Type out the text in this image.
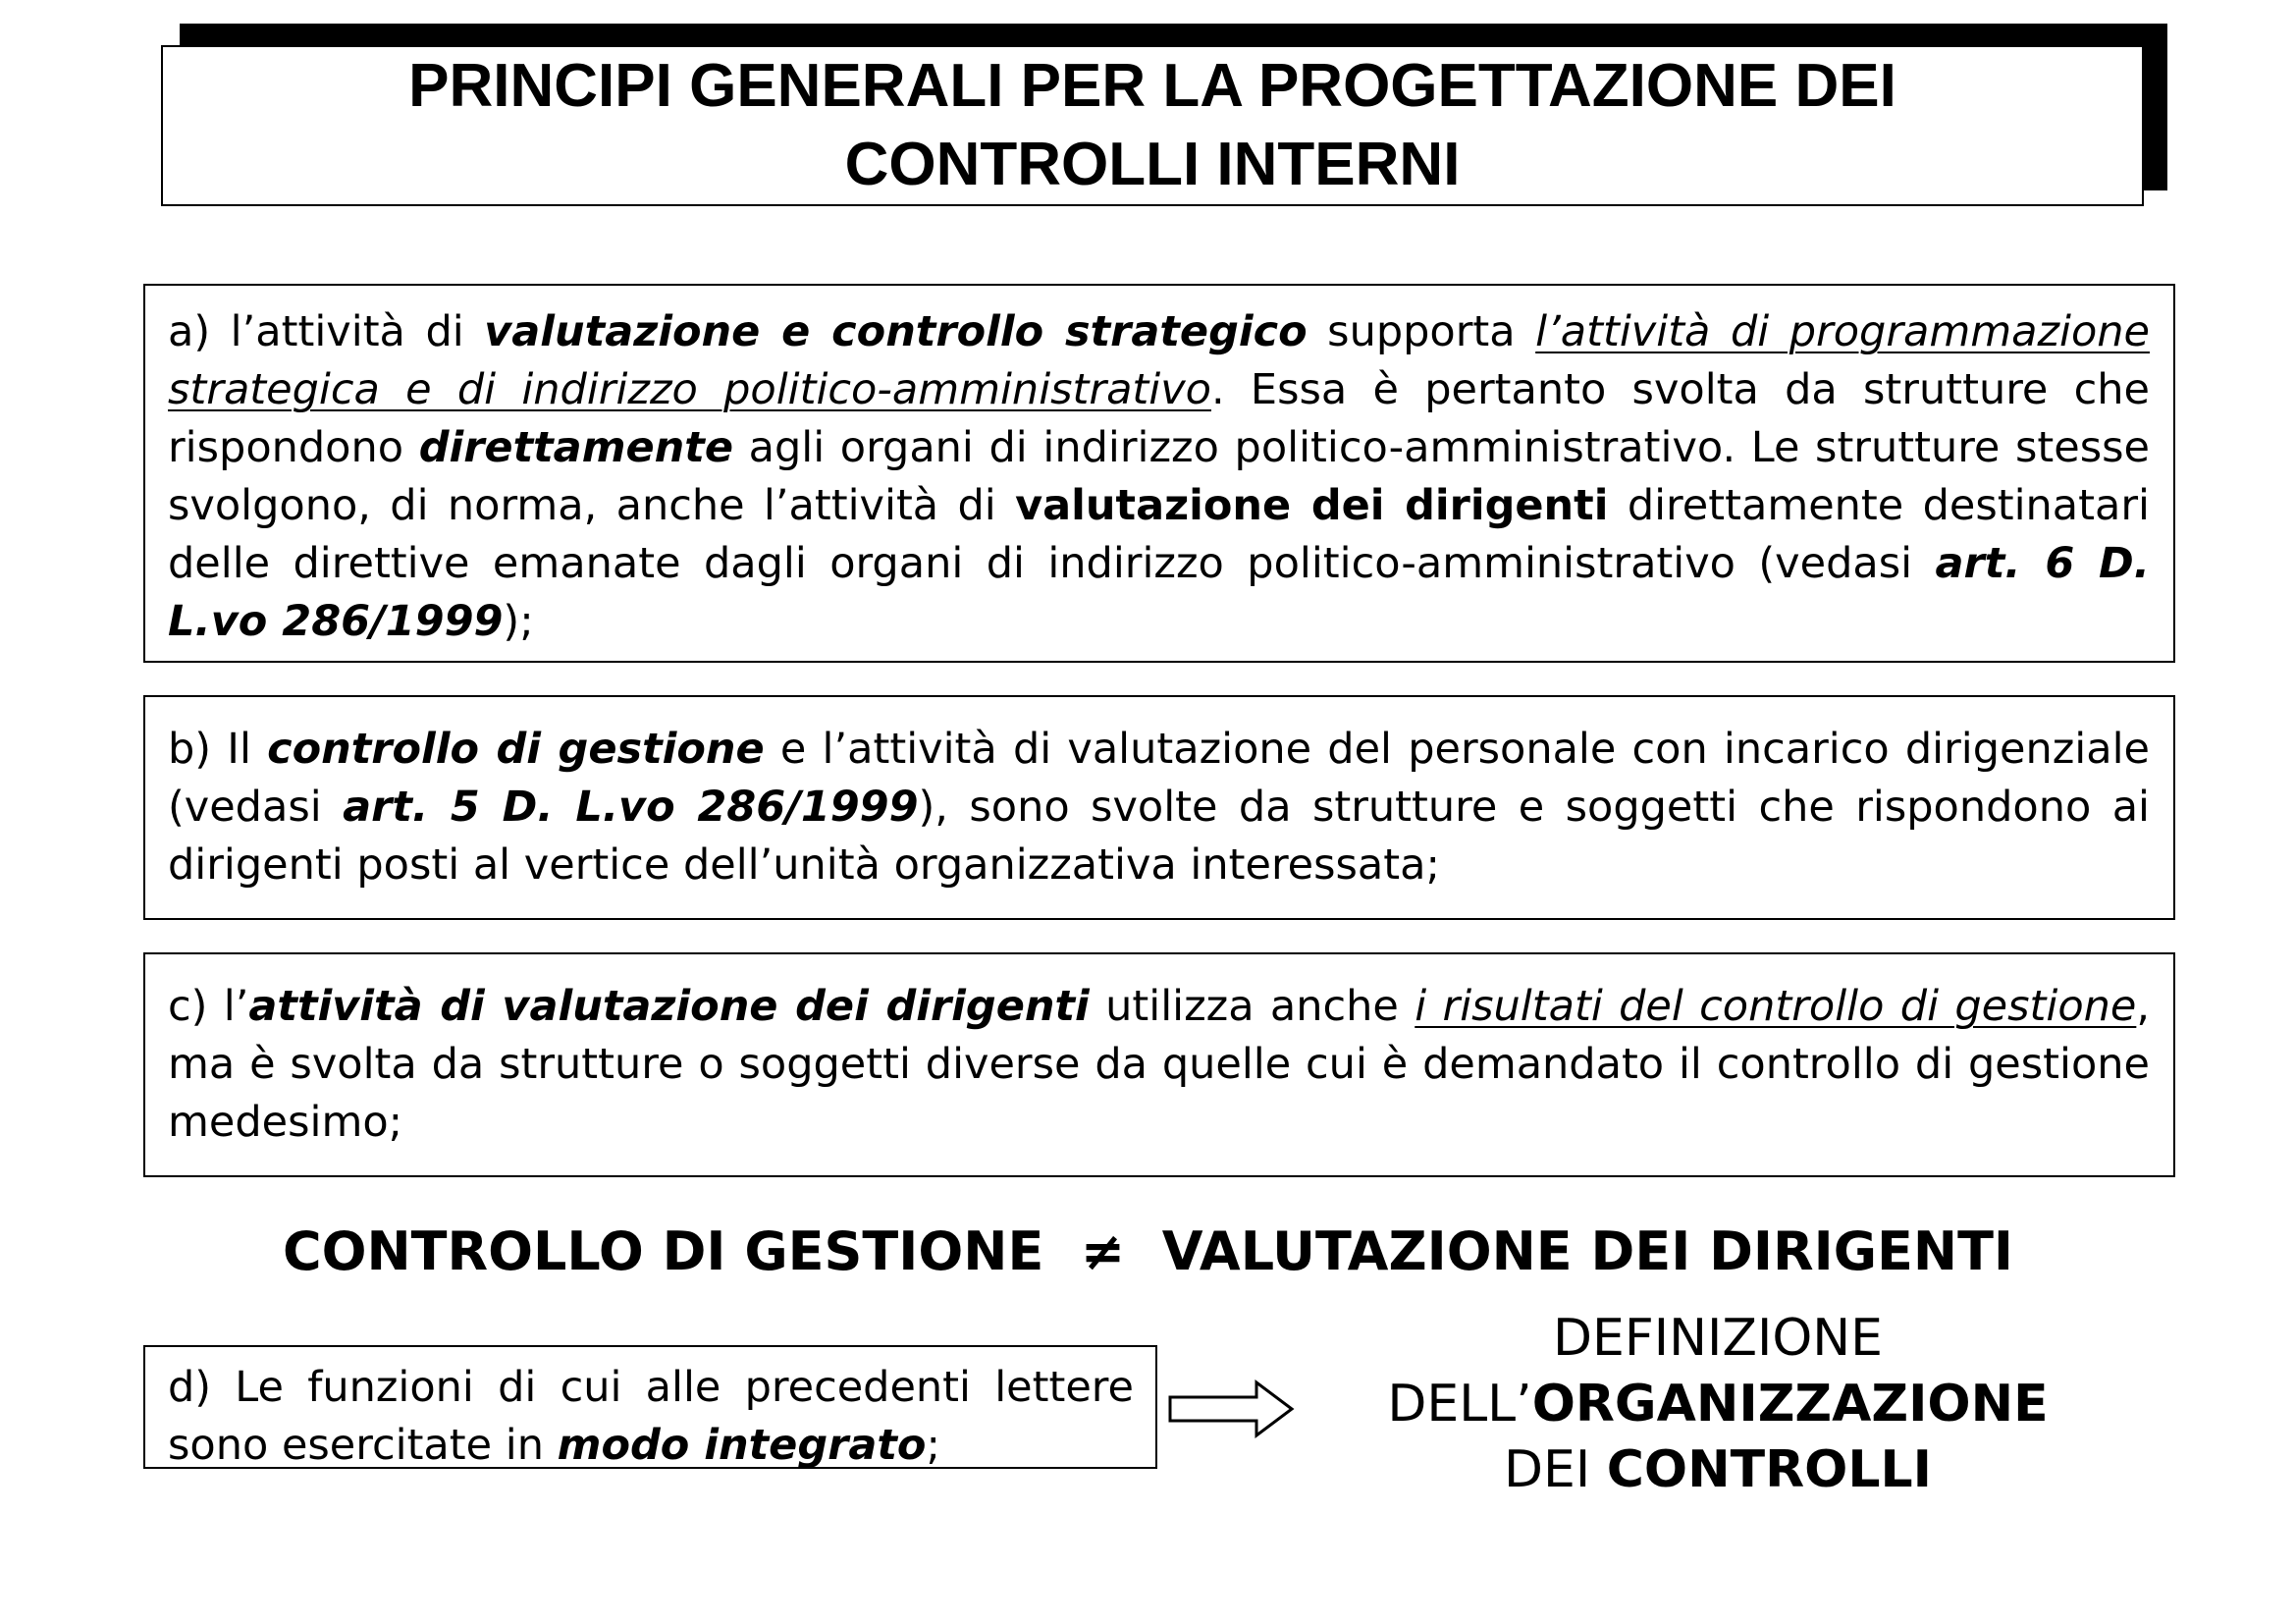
PRINCIPI GENERALI PER LA PROGETTAZIONE DEI
CONTROLLI INTERNI

a) l’attività di valutazione e controllo strategico supporta l’attività di programmazione strategica e di indirizzo politico-amministrativo. Essa è pertanto svolta da strutture che rispondono direttamente agli organi di indirizzo politico-amministrativo. Le strutture stesse svolgono, di norma, anche l’attività di valutazione dei dirigenti direttamente destinatari delle direttive emanate dagli organi di indirizzo politico-amministrativo (vedasi art. 6 D. L.vo 286/1999);

b) Il controllo di gestione e l’attività di valutazione del personale con incarico dirigenziale (vedasi art. 5 D. L.vo 286/1999), sono svolte da strutture e soggetti che rispondono ai dirigenti posti al vertice dell’unità organizzativa interessata;

c) l’attività di valutazione dei dirigenti utilizza anche i risultati del controllo di gestione, ma è svolta da strutture o soggetti diverse da quelle cui è demandato il controllo di gestione medesimo;

CONTROLLO DI GESTIONE  ≠  VALUTAZIONE DEI DIRIGENTI

d) Le funzioni di cui alle precedenti lettere sono esercitate in modo integrato;

DEFINIZIONE
DELL’ORGANIZZAZIONE
DEI CONTROLLI
